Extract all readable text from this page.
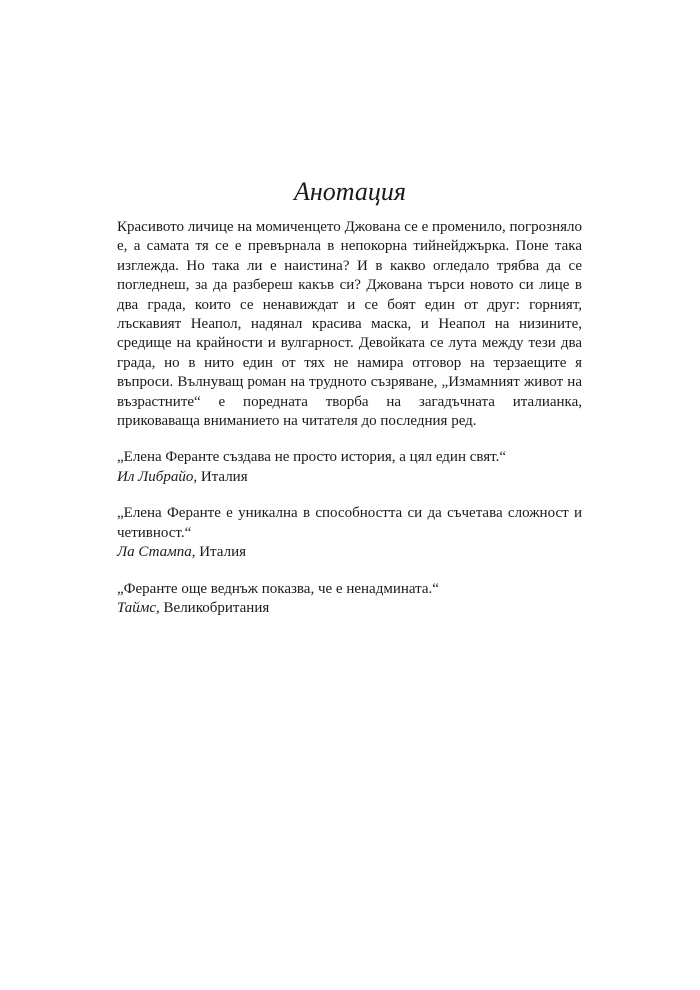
Анотация

Красивото личице на момиченцето Джована се е променило, погрозняло е, а самата тя се е превърнала в непокорна тийнейджърка. Поне така изглежда. Но така ли е наистина? И в какво огледало трябва да се погледнеш, за да разбереш какъв си? Джована търси новото си лице в два града, които се ненавиждат и се боят един от друг: горният, лъскавият Неапол, надянал красива маска, и Неапол на низините, средище на крайности и вулгарност. Девойката се лута между тези два града, но в нито един от тях не намира отговор на терзаещите я въпроси. Вълнуващ роман на трудното съзряване, „Измамният живот на възрастните“ е поредната творба на загадъчната италианка, приковаваща вниманието на читателя до последния ред.

„Елена Феранте създава не просто история, а цял един свят.“

Ил Либрайо, Италия

„Елена Феранте е уникална в способността си да съчетава сложност и четивност.“

Ла Стампа, Италия

„Феранте още веднъж показва, че е ненадмината.“

Таймс, Великобритания
